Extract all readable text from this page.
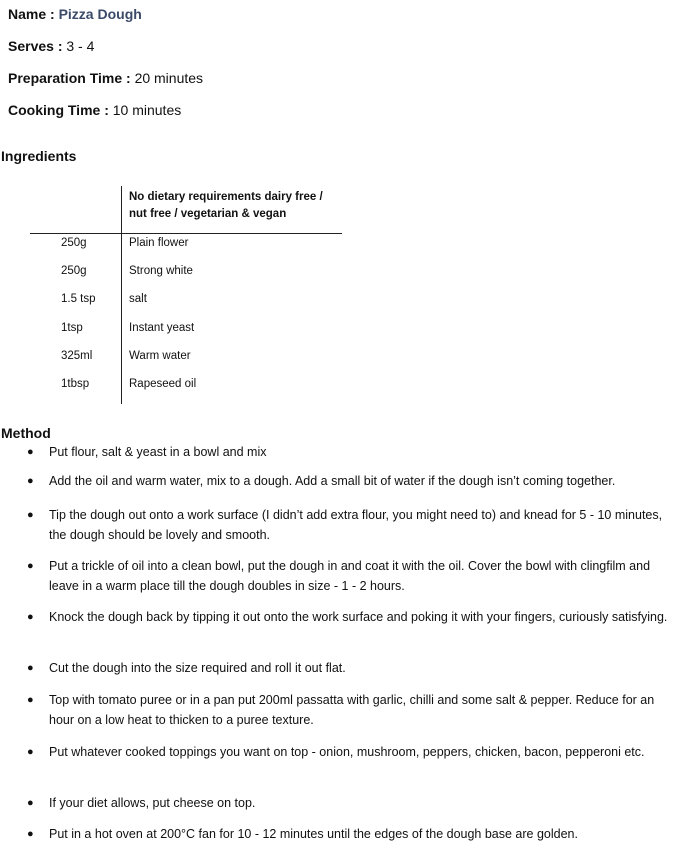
Name : Pizza Dough
Serves : 3 - 4
Preparation Time : 20 minutes
Cooking Time : 10 minutes
Ingredients
No dietary requirements dairy free /
nut free / vegetarian & vegan
250g	Plain flower
250g	Strong white
1.5 tsp	salt
1tsp	Instant yeast
325ml	Warm water
1tbsp	Rapeseed oil
Method
● Put flour, salt & yeast in a bowl and mix
● Add the oil and warm water, mix to a dough. Add a small bit of water if the dough isn’t coming together.
● Tip the dough out onto a work surface (I didn’t add extra flour, you might need to) and knead for 5 - 10 minutes, the dough should be lovely and smooth.
● Put a trickle of oil into a clean bowl, put the dough in and coat it with the oil. Cover the bowl with clingfilm and leave in a warm place till the dough doubles in size - 1 - 2 hours.
● Knock the dough back by tipping it out onto the work surface and poking it with your fingers, curiously satisfying.
● Cut the dough into the size required and roll it out flat.
● Top with tomato puree or in a pan put 200ml passatta with garlic, chilli and some salt & pepper. Reduce for an hour on a low heat to thicken to a puree texture.
● Put whatever cooked toppings you want on top - onion, mushroom, peppers, chicken, bacon, pepperoni etc.
● If your diet allows, put cheese on top.
● Put in a hot oven at 200°C fan for 10 - 12 minutes until the edges of the dough base are golden.
